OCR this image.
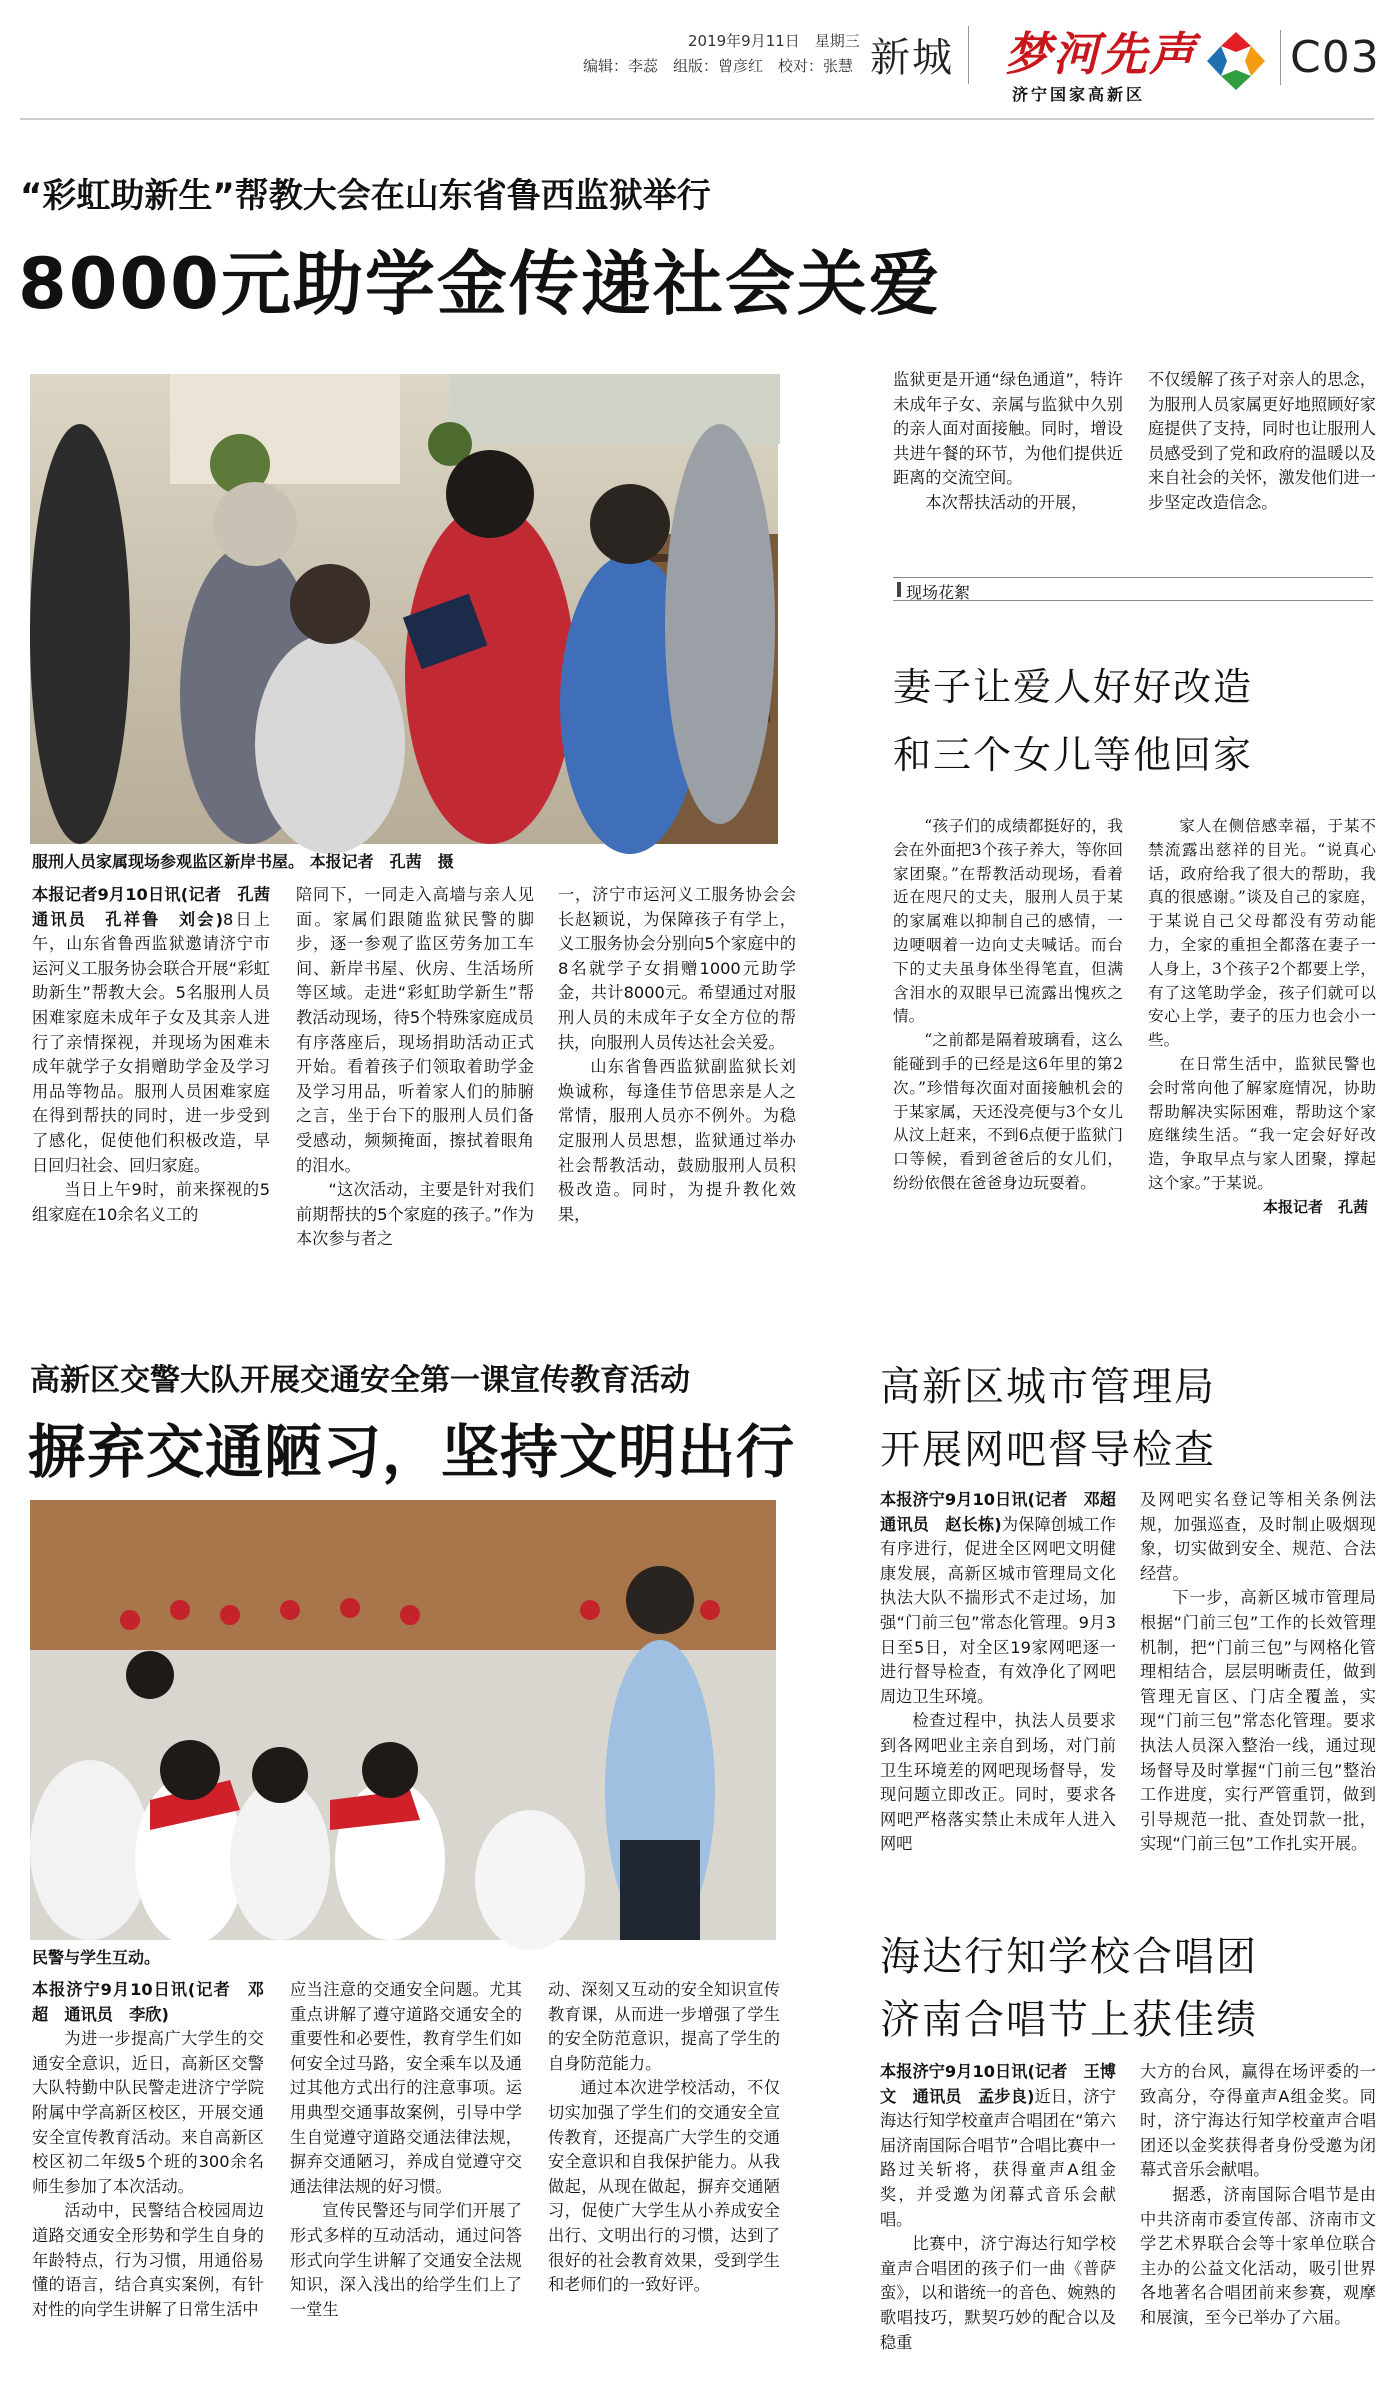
2019年9月11日　星期三
编辑：李蕊　组版：曾彦红　校对：张慧 新城 梦河先声
济宁国家高新区
C03
“彩虹助新生”帮教大会在山东省鲁西监狱举行
8000元助学金传递社会关爱
服刑人员家属现场参观监区新岸书屋。 本报记者　孔茜　摄

本报记者9月10日讯(记者　孔茜　通讯员　孔祥鲁　刘会)8日上午，山东省鲁西监狱邀请济宁市运河义工服务协会联合开展“彩虹助新生”帮教大会。5名服刑人员困难家庭未成年子女及其亲人进行了亲情探视，并现场为困难未成年就学子女捐赠助学金及学习用品等物品。服刑人员困难家庭在得到帮扶的同时，进一步受到了感化，促使他们积极改造，早日回归社会、回归家庭。

当日上午9时，前来探视的5组家庭在10余名义工的

陪同下，一同走入高墙与亲人见面。家属们跟随监狱民警的脚步，逐一参观了监区劳务加工车间、新岸书屋、伙房、生活场所等区域。走进“彩虹助学新生”帮教活动现场，待5个特殊家庭成员有序落座后，现场捐助活动正式开始。看着孩子们领取着助学金及学习用品，听着家人们的肺腑之言，坐于台下的服刑人员们备受感动，频频掩面，擦拭着眼角的泪水。

“这次活动，主要是针对我们前期帮扶的5个家庭的孩子。”作为本次参与者之

一，济宁市运河义工服务协会会长赵颖说，为保障孩子有学上，义工服务协会分别向5个家庭中的8名就学子女捐赠1000元助学金，共计8000元。希望通过对服刑人员的未成年子女全方位的帮扶，向服刑人员传达社会关爱。

山东省鲁西监狱副监狱长刘焕诚称，每逢佳节倍思亲是人之常情，服刑人员亦不例外。为稳定服刑人员思想，监狱通过举办社会帮教活动，鼓励服刑人员积极改造。同时，为提升教化效果，

监狱更是开通“绿色通道”，特许未成年子女、亲属与监狱中久别的亲人面对面接触。同时，增设共进午餐的环节，为他们提供近距离的交流空间。

本次帮扶活动的开展，

不仅缓解了孩子对亲人的思念，为服刑人员家属更好地照顾好家庭提供了支持，同时也让服刑人员感受到了党和政府的温暖以及来自社会的关怀，激发他们进一步坚定改造信念。

现场花絮
妻子让爱人好好改造
和三个女儿等他回家

“孩子们的成绩都挺好的，我会在外面把3个孩子养大，等你回家团聚。”在帮教活动现场，看着近在咫尺的丈夫，服刑人员于某的家属难以抑制自己的感情，一边哽咽着一边向丈夫喊话。而台下的丈夫虽身体坐得笔直，但满含泪水的双眼早已流露出愧疚之情。

“之前都是隔着玻璃看，这么能碰到手的已经是这6年里的第2次。”珍惜每次面对面接触机会的于某家属，天还没亮便与3个女儿从汶上赶来，不到6点便于监狱门口等候，看到爸爸后的女儿们，纷纷依偎在爸爸身边玩耍着。

家人在侧倍感幸福，于某不禁流露出慈祥的目光。“说真心话，政府给我了很大的帮助，我真的很感谢。”谈及自己的家庭，于某说自己父母都没有劳动能力，全家的重担全都落在妻子一人身上，3个孩子2个都要上学，有了这笔助学金，孩子们就可以安心上学，妻子的压力也会小一些。

在日常生活中，监狱民警也会时常向他了解家庭情况，协助帮助解决实际困难，帮助这个家庭继续生活。“我一定会好好改造，争取早点与家人团聚，撑起这个家。”于某说。

本报记者　孔茜

高新区交警大队开展交通安全第一课宣传教育活动
摒弃交通陋习，坚持文明出行
民警与学生互动。

本报济宁9月10日讯(记者　邓超　通讯员　李欣)

为进一步提高广大学生的交通安全意识，近日，高新区交警大队特勤中队民警走进济宁学院附属中学高新区校区，开展交通安全宣传教育活动。来自高新区校区初二年级5个班的300余名师生参加了本次活动。

活动中，民警结合校园周边道路交通安全形势和学生自身的年龄特点，行为习惯，用通俗易懂的语言，结合真实案例，有针对性的向学生讲解了日常生活中

应当注意的交通安全问题。尤其重点讲解了遵守道路交通安全的重要性和必要性，教育学生们如何安全过马路，安全乘车以及通过其他方式出行的注意事项。运用典型交通事故案例，引导中学生自觉遵守道路交通法律法规，摒弃交通陋习，养成自觉遵守交通法律法规的好习惯。

宣传民警还与同学们开展了形式多样的互动活动，通过问答形式向学生讲解了交通安全法规知识，深入浅出的给学生们上了一堂生

动、深刻又互动的安全知识宣传教育课，从而进一步增强了学生的安全防范意识，提高了学生的自身防范能力。

通过本次进学校活动，不仅切实加强了学生们的交通安全宣传教育，还提高广大学生的交通安全意识和自我保护能力。从我做起，从现在做起，摒弃交通陋习，促使广大学生从小养成安全出行、文明出行的习惯，达到了很好的社会教育效果，受到学生和老师们的一致好评。

高新区城市管理局
开展网吧督导检查

本报济宁9月10日讯(记者　邓超　通讯员　赵长栋)为保障创城工作有序进行，促进全区网吧文明健康发展，高新区城市管理局文化执法大队不揣形式不走过场，加强“门前三包”常态化管理。9月3日至5日，对全区19家网吧逐一进行督导检查，有效净化了网吧周边卫生环境。

检查过程中，执法人员要求到各网吧业主亲自到场，对门前卫生环境差的网吧现场督导，发现问题立即改正。同时，要求各网吧严格落实禁止未成年人进入网吧

及网吧实名登记等相关条例法规，加强巡查，及时制止吸烟现象，切实做到安全、规范、合法经营。

下一步，高新区城市管理局根据“门前三包”工作的长效管理机制，把“门前三包”与网格化管理相结合，层层明晰责任，做到管理无盲区、门店全覆盖，实现“门前三包”常态化管理。要求执法人员深入整治一线，通过现场督导及时掌握“门前三包”整治工作进度，实行严管重罚，做到引导规范一批、查处罚款一批，实现“门前三包”工作扎实开展。

海达行知学校合唱团
济南合唱节上获佳绩

本报济宁9月10日讯(记者　王博文　通讯员　孟步良)近日，济宁海达行知学校童声合唱团在“第六届济南国际合唱节”合唱比赛中一路过关斩将，获得童声A组金奖，并受邀为闭幕式音乐会献唱。

比赛中，济宁海达行知学校童声合唱团的孩子们一曲《普萨蛮》，以和谐统一的音色、婉熟的歌唱技巧，默契巧妙的配合以及稳重

大方的台风，赢得在场评委的一致高分，夺得童声A组金奖。同时，济宁海达行知学校童声合唱团还以金奖获得者身份受邀为闭幕式音乐会献唱。

据悉，济南国际合唱节是由中共济南市委宣传部、济南市文学艺术界联合会等十家单位联合主办的公益文化活动，吸引世界各地著名合唱团前来参赛，观摩和展演，至今已举办了六届。
